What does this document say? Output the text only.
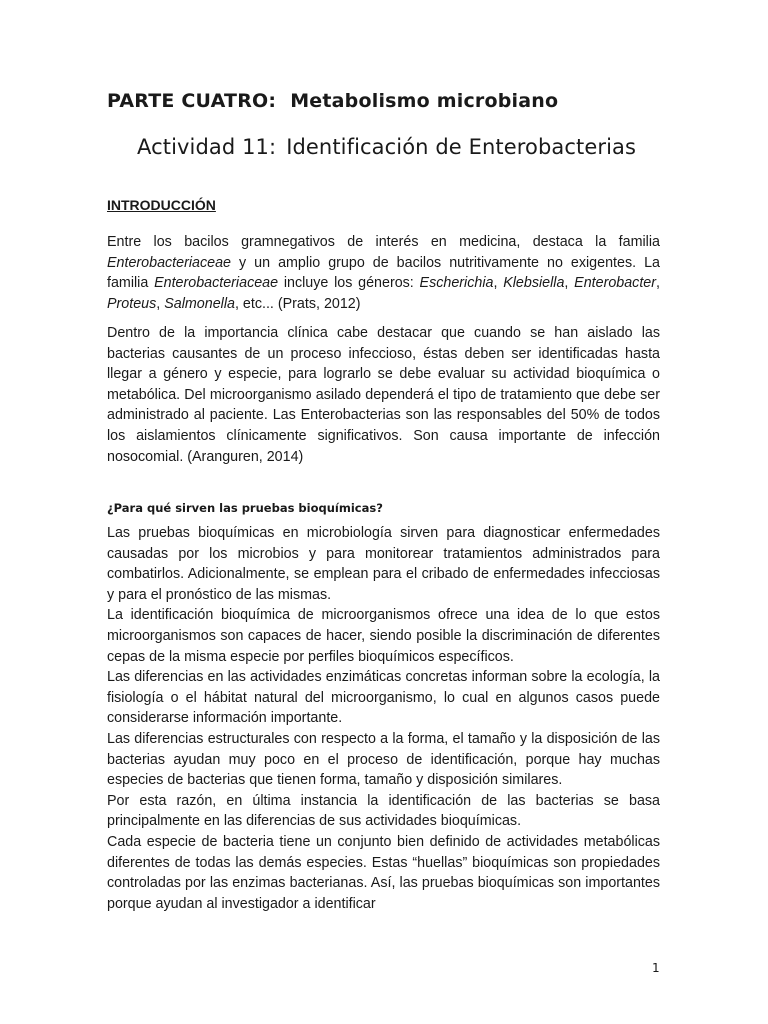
PARTE CUATRO: Metabolismo microbiano
Actividad 11: Identificación de Enterobacterias
INTRODUCCIÓN

Entre los bacilos gramnegativos de interés en medicina, destaca la familia Enterobacteriaceae y un amplio grupo de bacilos nutritivamente no exigentes. La familia Enterobacteriaceae incluye los géneros: Escherichia, Klebsiella, Enterobacter, Proteus, Salmonella, etc... (Prats, 2012)

Dentro de la importancia clínica cabe destacar que cuando se han aislado las bacterias causantes de un proceso infeccioso, éstas deben ser identificadas hasta llegar a género y especie, para lograrlo se debe evaluar su actividad bioquímica o metabólica. Del microorganismo asilado dependerá el tipo de tratamiento que debe ser administrado al paciente. Las Enterobacterias son las responsables del 50% de todos los aislamientos clínicamente significativos. Son causa importante de infección nosocomial. (Aranguren, 2014)

¿Para qué sirven las pruebas bioquímicas?

Las pruebas bioquímicas en microbiología sirven para diagnosticar enfermedades causadas por los microbios y para monitorear tratamientos administrados para combatirlos. Adicionalmente, se emplean para el cribado de enfermedades infecciosas y para el pronóstico de las mismas.

La identificación bioquímica de microorganismos ofrece una idea de lo que estos microorganismos son capaces de hacer, siendo posible la discriminación de diferentes cepas de la misma especie por perfiles bioquímicos específicos.

Las diferencias en las actividades enzimáticas concretas informan sobre la ecología, la fisiología o el hábitat natural del microorganismo, lo cual en algunos casos puede considerarse información importante.

Las diferencias estructurales con respecto a la forma, el tamaño y la disposición de las bacterias ayudan muy poco en el proceso de identificación, porque hay muchas especies de bacterias que tienen forma, tamaño y disposición similares.

Por esta razón, en última instancia la identificación de las bacterias se basa principalmente en las diferencias de sus actividades bioquímicas.

Cada especie de bacteria tiene un conjunto bien definido de actividades metabólicas diferentes de todas las demás especies. Estas “huellas” bioquímicas son propiedades controladas por las enzimas bacterianas. Así, las pruebas bioquímicas son importantes porque ayudan al investigador a identificar

1
